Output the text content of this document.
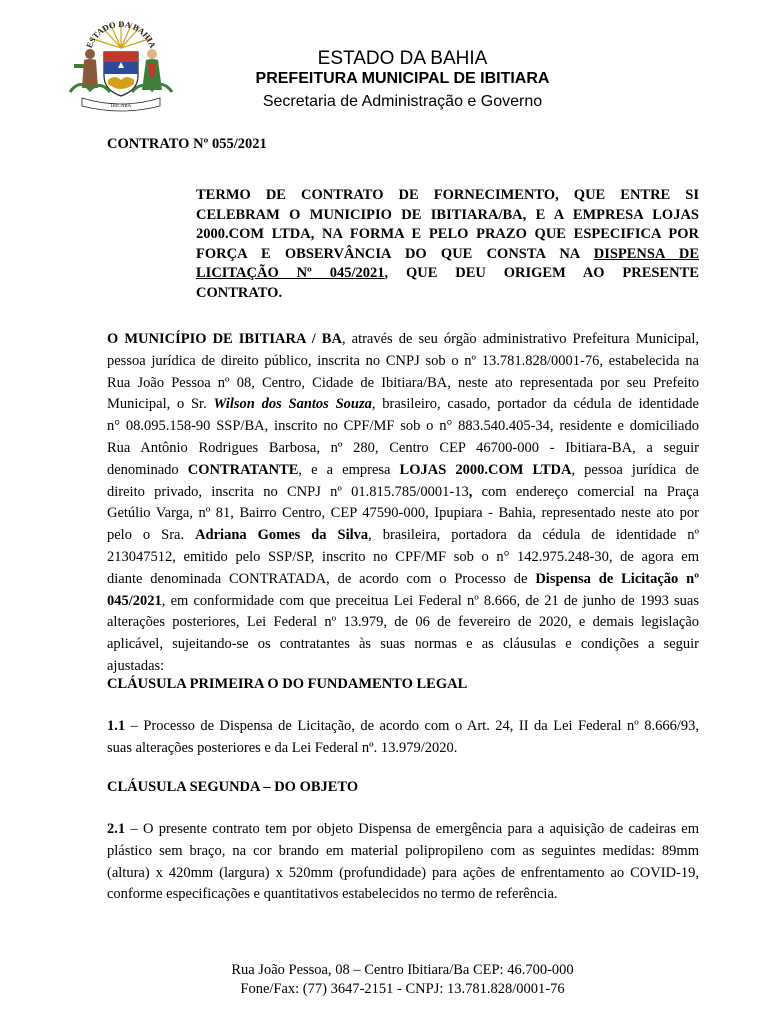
ESTADO DA BAHIA
IBICARA
ESTADO DA BAHIA
PREFEITURA MUNICIPAL DE IBITIARA
Secretaria de Administração e Governo
CONTRATO Nº 055/2021
TERMO DE CONTRATO DE FORNECIMENTO, QUE ENTRE SI
CELEBRAM O MUNICIPIO DE IBITIARA/BA, E A EMPRESA LOJAS
2000.COM LTDA, NA FORMA E PELO PRAZO QUE ESPECIFICA POR
FORÇA E OBSERVÂNCIA DO QUE CONSTA NA DISPENSA DE
LICITAÇÃO Nº 045/2021, QUE DEU ORIGEM AO PRESENTE
CONTRATO.
O MUNICÍPIO DE IBITIARA / BA, através de seu órgão administrativo Prefeitura Municipal,
pessoa jurídica de direito público, inscrita no CNPJ sob o nº 13.781.828/0001-76, estabelecida na
Rua João Pessoa nº 08, Centro, Cidade de Ibitiara/BA, neste ato representada por seu Prefeito
Municipal, o Sr. Wilson dos Santos Souza, brasileiro, casado, portador da cédula de identidade
n° 08.095.158-90 SSP/BA, inscrito no CPF/MF sob o n° 883.540.405-34, residente e domiciliado
Rua Antônio Rodrigues Barbosa, nº 280, Centro CEP 46700-000 - Ibitiara-BA, a seguir
denominado CONTRATANTE, e a empresa LOJAS 2000.COM LTDA, pessoa jurídica de
direito privado, inscrita no CNPJ nº 01.815.785/0001-13, com endereço comercial na Praça
Getúlio Varga, nº 81, Bairro Centro, CEP 47590-000, Ipupiara - Bahia, representado neste ato por
pelo o Sra. Adriana Gomes da Silva, brasileira, portadora da cédula de identidade nº
213047512, emitido pelo SSP/SP, inscrito no CPF/MF sob o n° 142.975.248-30, de agora em
diante denominada CONTRATADA, de acordo com o Processo de Dispensa de Licitação nº
045/2021, em conformidade com que preceitua Lei Federal nº 8.666, de 21 de junho de 1993 suas
alterações posteriores, Lei Federal nº 13.979, de 06 de fevereiro de 2020, e demais legislação
aplicável, sujeitando-se os contratantes às suas normas e as cláusulas e condições a seguir
ajustadas:
CLÁUSULA PRIMEIRA O DO FUNDAMENTO LEGAL
1.1 – Processo de Dispensa de Licitação, de acordo com o Art. 24, II da Lei Federal nº 8.666/93,
suas alterações posteriores e da Lei Federal nº. 13.979/2020.
CLÁUSULA SEGUNDA – DO OBJETO
2.1 – O presente contrato tem por objeto Dispensa de emergência para a aquisição de cadeiras em
plástico sem braço, na cor brando em material polipropileno com as seguintes medidas: 89mm
(altura) x 420mm (largura) x 520mm (profundidade) para ações de enfrentamento ao COVID-19,
conforme especificações e quantitativos estabelecidos no termo de referência.
Rua João Pessoa, 08 – Centro Ibitiara/Ba CEP: 46.700-000
Fone/Fax: (77) 3647-2151 - CNPJ: 13.781.828/0001-76
